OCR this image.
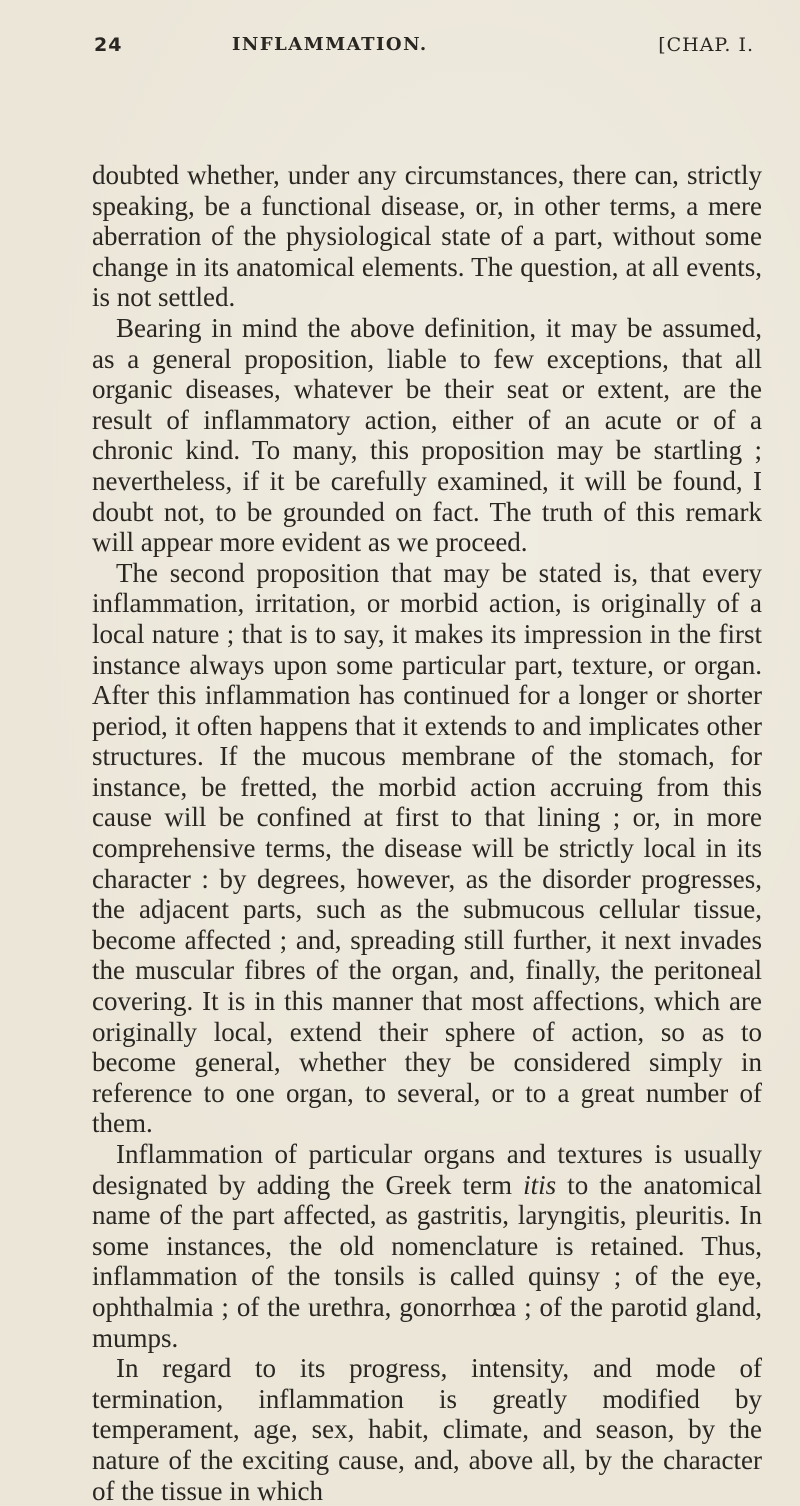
24	INFLAMMATION.	[CHAP. I.

doubted whether, under any circumstances, there can, strictly speaking, be a functional disease, or, in other terms, a mere aberration of the physiological state of a part, without some change in its anatomical elements. The question, at all events, is not settled.

Bearing in mind the above definition, it may be assumed, as a general proposition, liable to few exceptions, that all organic diseases, whatever be their seat or extent, are the result of inflammatory action, either of an acute or of a chronic kind. To many, this proposition may be startling ; nevertheless, if it be carefully examined, it will be found, I doubt not, to be grounded on fact. The truth of this remark will appear more evident as we proceed.

The second proposition that may be stated is, that every inflammation, irritation, or morbid action, is originally of a local nature ; that is to say, it makes its impression in the first instance always upon some particular part, texture, or organ. After this inflammation has continued for a longer or shorter period, it often happens that it extends to and implicates other structures. If the mucous membrane of the stomach, for instance, be fretted, the morbid action accruing from this cause will be confined at first to that lining ; or, in more comprehensive terms, the disease will be strictly local in its character : by degrees, however, as the disorder progresses, the adjacent parts, such as the submucous cellular tissue, become affected ; and, spreading still further, it next invades the muscular fibres of the organ, and, finally, the peritoneal covering. It is in this manner that most affections, which are originally local, extend their sphere of action, so as to become general, whether they be considered simply in reference to one organ, to several, or to a great number of them.

Inflammation of particular organs and textures is usually designated by adding the Greek term itis to the anatomical name of the part affected, as gastritis, laryngitis, pleuritis. In some instances, the old nomenclature is retained. Thus, inflammation of the tonsils is called quinsy ; of the eye, ophthalmia ; of the urethra, gonorrhœa ; of the parotid gland, mumps.

In regard to its progress, intensity, and mode of termination, inflammation is greatly modified by temperament, age, sex, habit, climate, and season, by the nature of the exciting cause, and, above all, by the character of the tissue in which
